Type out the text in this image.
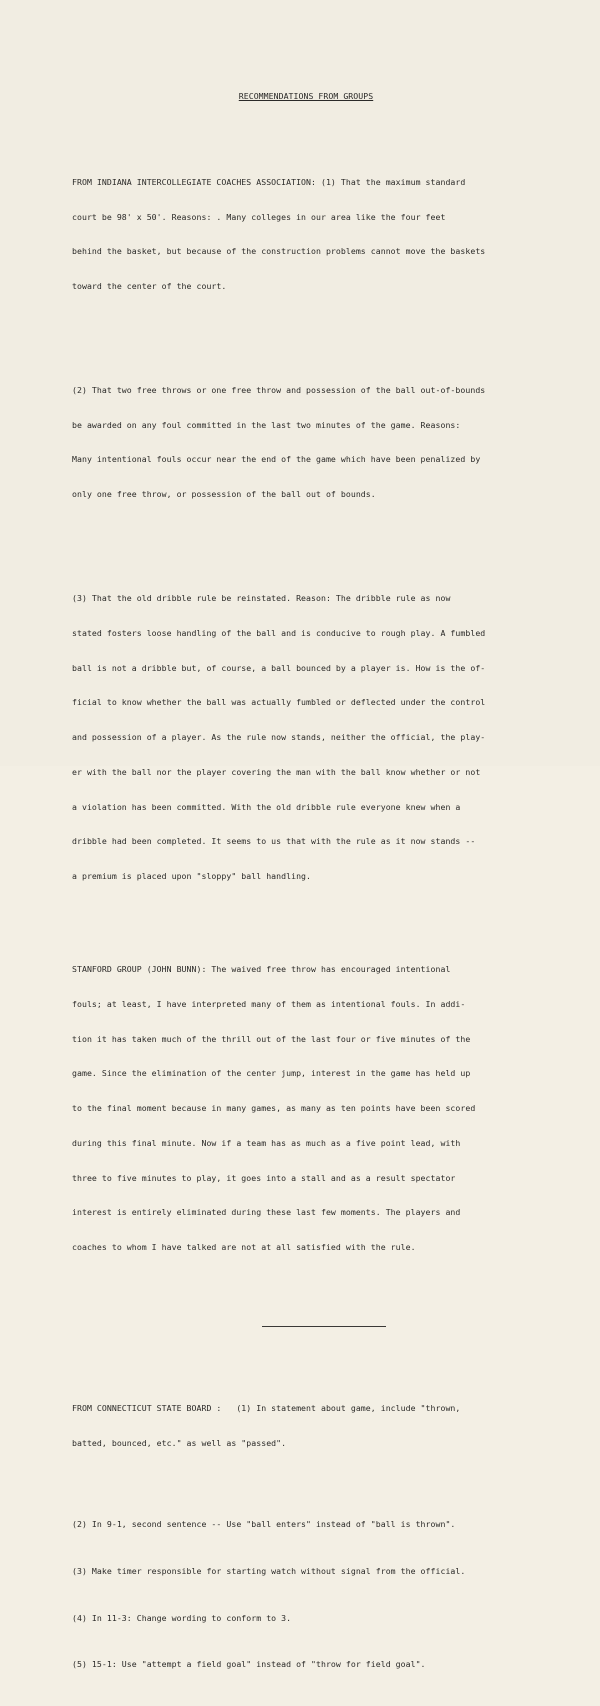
RECOMMENDATIONS FROM GROUPS

FROM INDIANA INTERCOLLEGIATE COACHES ASSOCIATION: (1) That the maximum standard

court be 98' x 50'. Reasons: . Many colleges in our area like the four feet

behind the basket, but because of the construction problems cannot move the baskets

toward the center of the court.

(2) That two free throws or one free throw and possession of the ball out-of-bounds

be awarded on any foul committed in the last two minutes of the game. Reasons:

Many intentional fouls occur near the end of the game which have been penalized by

only one free throw, or possession of the ball out of bounds.

(3) That the old dribble rule be reinstated. Reason: The dribble rule as now

stated fosters loose handling of the ball and is conducive to rough play. A fumbled

ball is not a dribble but, of course, a ball bounced by a player is. How is the of-

ficial to know whether the ball was actually fumbled or deflected under the control

and possession of a player. As the rule now stands, neither the official, the play-

er with the ball nor the player covering the man with the ball know whether or not

a violation has been committed. With the old dribble rule everyone knew when a

dribble had been completed. It seems to us that with the rule as it now stands --

a premium is placed upon "sloppy" ball handling.

STANFORD GROUP (JOHN BUNN): The waived free throw has encouraged intentional

fouls; at least, I have interpreted many of them as intentional fouls. In addi-

tion it has taken much of the thrill out of the last four or five minutes of the

game. Since the elimination of the center jump, interest in the game has held up

to the final moment because in many games, as many as ten points have been scored

during this final minute. Now if a team has as much as a five point lead, with

three to five minutes to play, it goes into a stall and as a result spectator

interest is entirely eliminated during these last few moments. The players and

coaches to whom I have talked are not at all satisfied with the rule.

FROM CONNECTICUT STATE BOARD :   (1) In statement about game, include "thrown,

batted, bounced, etc." as well as "passed".

(2) In 9-1, second sentence -- Use "ball enters" instead of "ball is thrown".

(3) Make timer responsible for starting watch without signal from the official.

(4) In 11-3: Change wording to conform to 3.

(5) 15-1: Use "attempt a field goal" instead of "throw for field goal".
